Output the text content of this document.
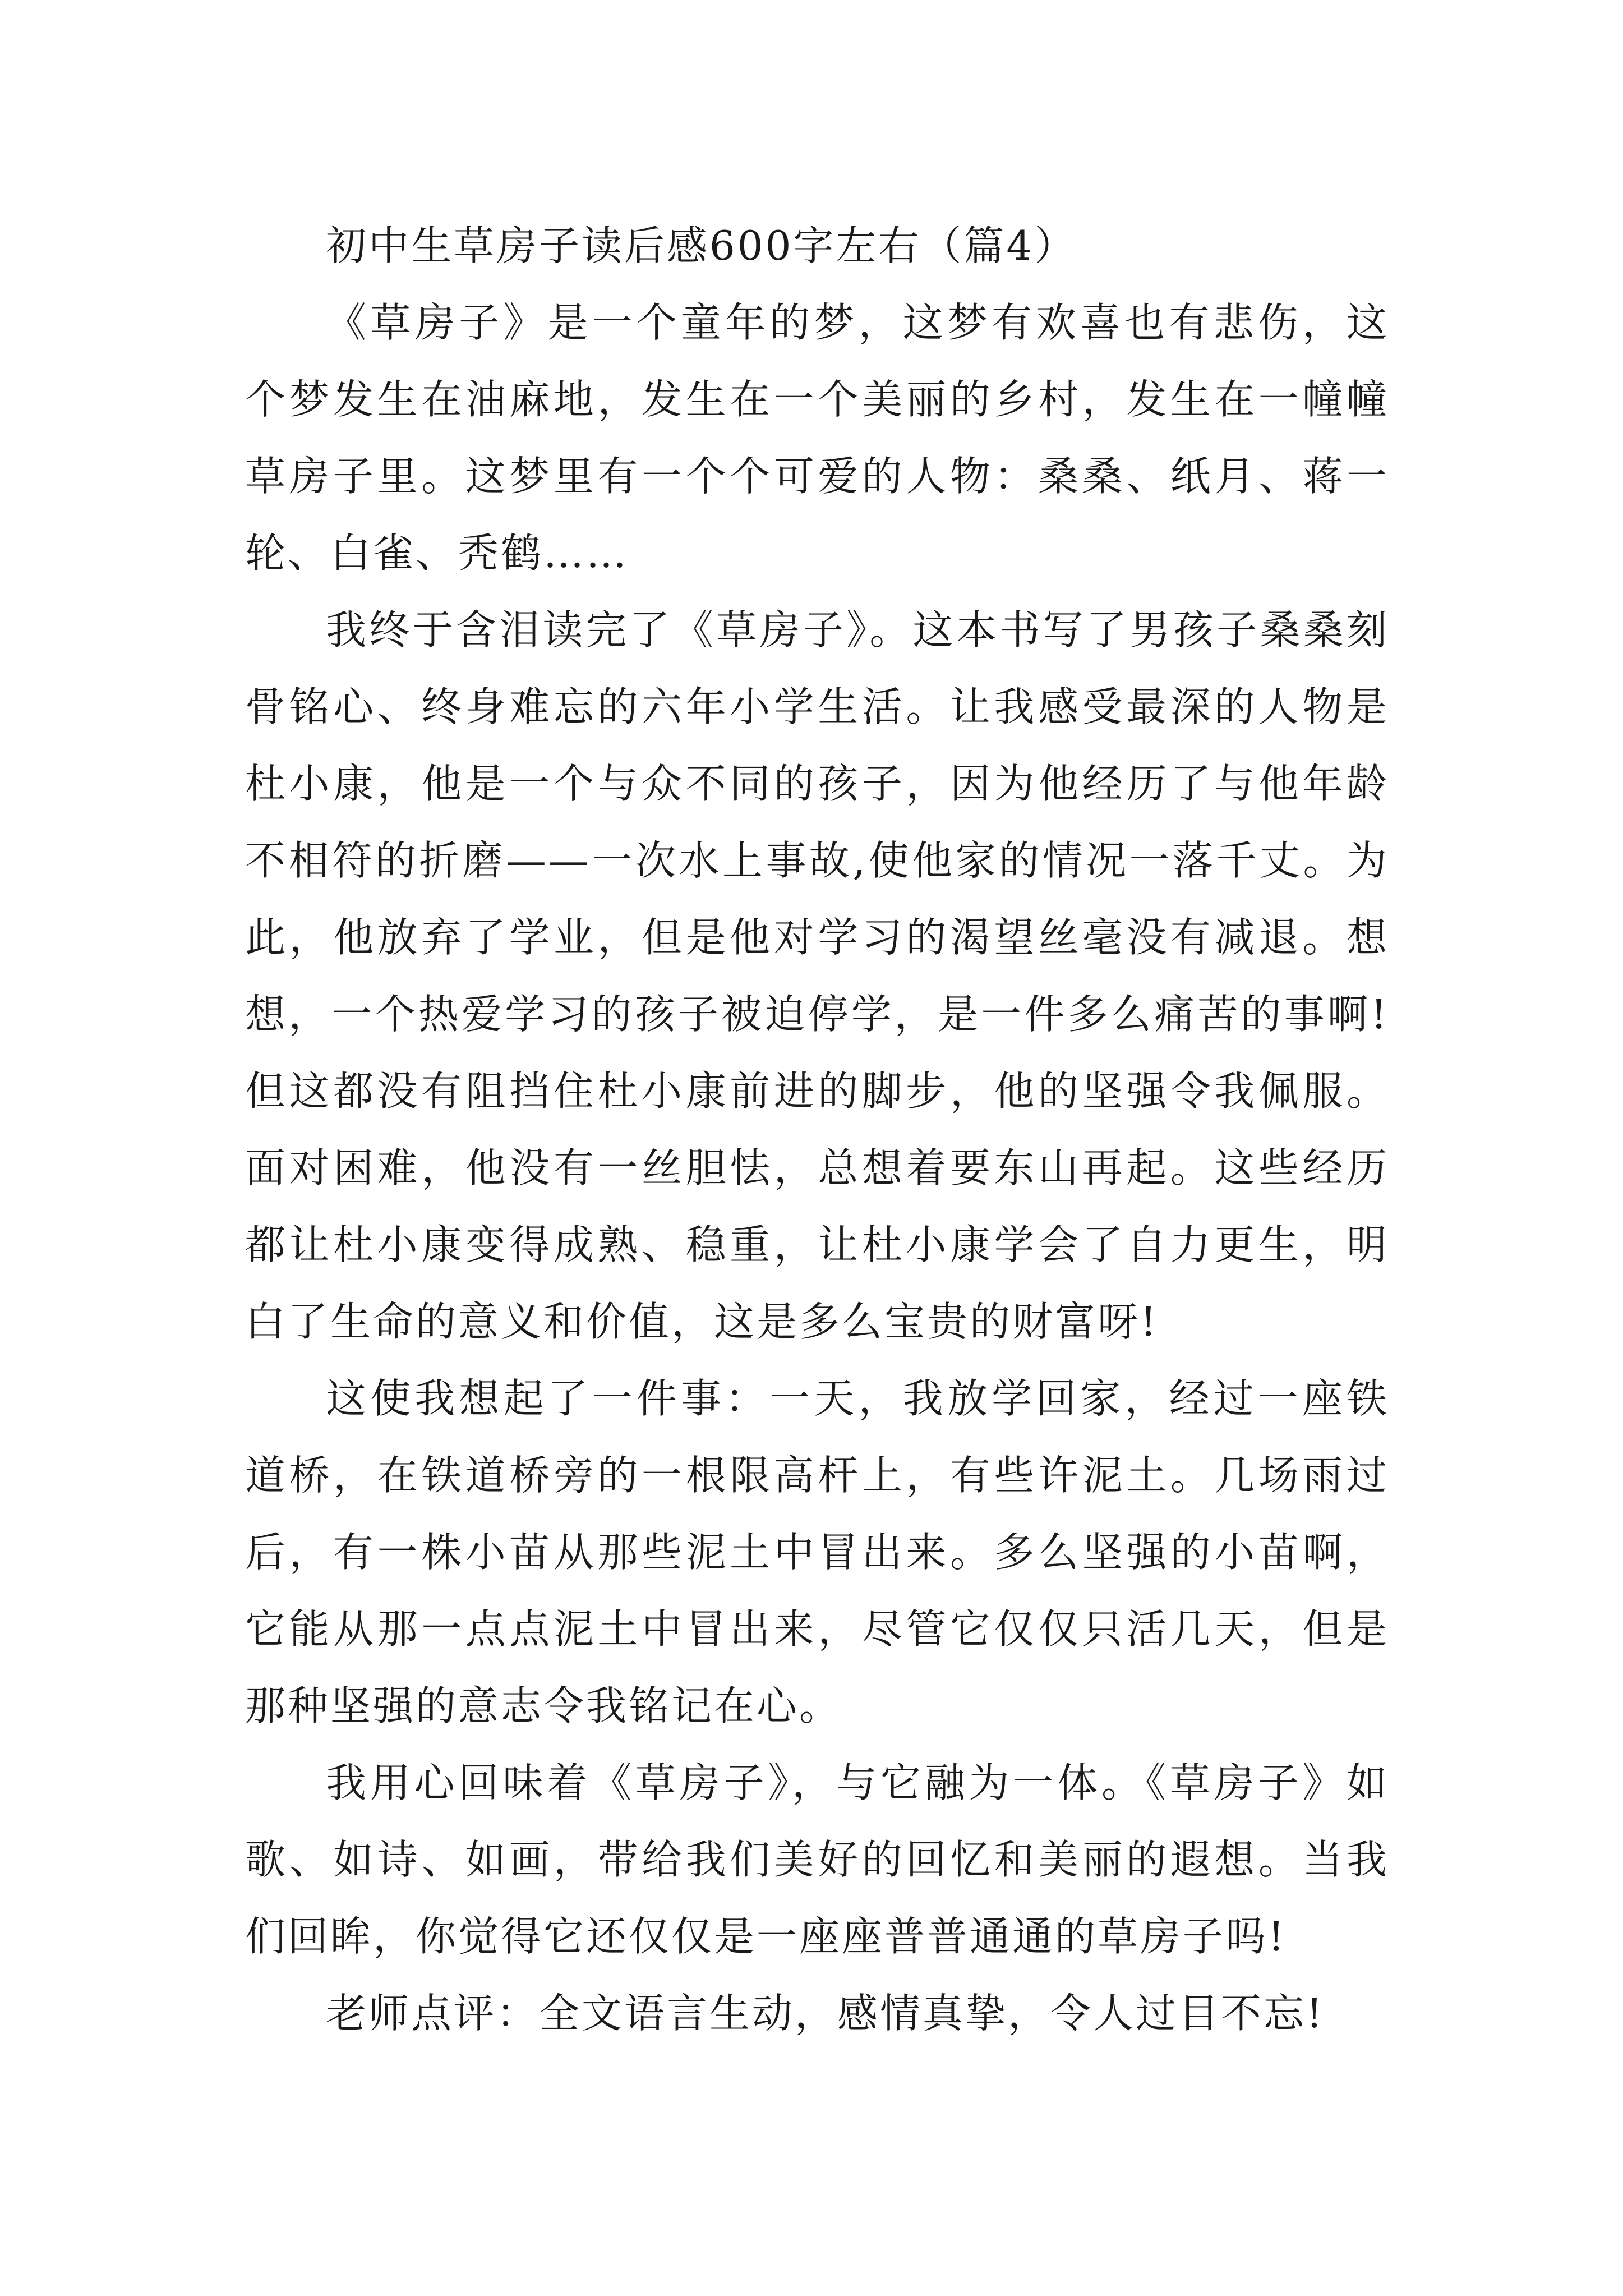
初中生草房子读后感600字左右（篇4）

《草房子》是一个童年的梦，这梦有欢喜也有悲伤，这个梦发生在油麻地，发生在一个美丽的乡村，发生在一幢幢草房子里。这梦里有一个个可爱的人物：桑桑、纸月、蒋一轮、白雀、秃鹤……

我终于含泪读完了《草房子》。这本书写了男孩子桑桑刻骨铭心、终身难忘的六年小学生活。让我感受最深的人物是杜小康，他是一个与众不同的孩子，因为他经历了与他年龄不相符的折磨——一次水上事故,使他家的情况一落千丈。为此，他放弃了学业，但是他对学习的渴望丝毫没有减退。想想，一个热爱学习的孩子被迫停学，是一件多么痛苦的事啊!但这都没有阻挡住杜小康前进的脚步，他的坚强令我佩服。面对困难，他没有一丝胆怯，总想着要东山再起。这些经历都让杜小康变得成熟、稳重，让杜小康学会了自力更生，明白了生命的意义和价值，这是多么宝贵的财富呀!

这使我想起了一件事：一天，我放学回家，经过一座铁道桥，在铁道桥旁的一根限高杆上，有些许泥土。几场雨过后，有一株小苗从那些泥土中冒出来。多么坚强的小苗啊，它能从那一点点泥土中冒出来，尽管它仅仅只活几天，但是那种坚强的意志令我铭记在心。

我用心回味着《草房子》，与它融为一体。《草房子》如歌、如诗、如画，带给我们美好的回忆和美丽的遐想。当我们回眸，你觉得它还仅仅是一座座普普通通的草房子吗!

老师点评：全文语言生动，感情真挚，令人过目不忘!
